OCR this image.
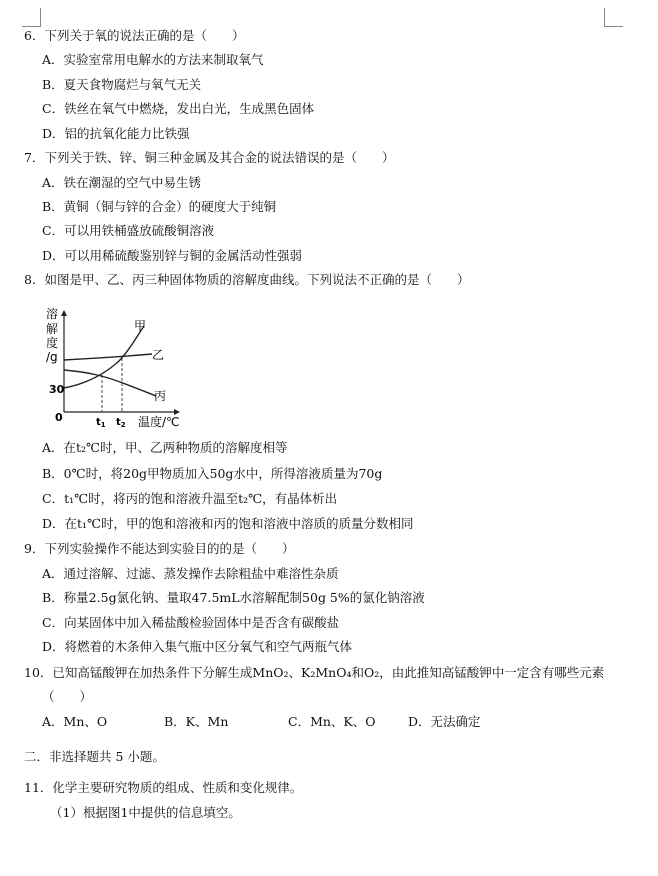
6．下列关于氧的说法正确的是（　　）
A．实验室常用电解水的方法来制取氧气
B．夏天食物腐烂与氧气无关
C．铁丝在氧气中燃烧，发出白光，生成黑色固体
D．铝的抗氧化能力比铁强
7．下列关于铁、锌、铜三种金属及其合金的说法错误的是（　　）
A．铁在潮湿的空气中易生锈
B．黄铜（铜与锌的合金）的硬度大于纯铜
C．可以用铁桶盛放硫酸铜溶液
D．可以用稀硫酸鉴别锌与铜的金属活动性强弱
8．如图是甲、乙、丙三种固体物质的溶解度曲线。下列说法不正确的是（　　）
溶
解
度
/g
甲
乙
丙
30
0	$t_1$ $t_2$ 温度/℃
A．在t₂℃时，甲、乙两种物质的溶解度相等
B．0℃时，将20g甲物质加入50g水中，所得溶液质量为70g
C．t₁℃时，将丙的饱和溶液升温至t₂℃，有晶体析出
D．在t₁℃时，甲的饱和溶液和丙的饱和溶液中溶质的质量分数相同
9．下列实验操作不能达到实验目的的是（　　）
A．通过溶解、过滤、蒸发操作去除粗盐中难溶性杂质
B．称量2.5g氯化钠、量取47.5mL水溶解配制50g 5%的氯化钠溶液
C．向某固体中加入稀盐酸检验固体中是否含有碳酸盐
D．将燃着的木条伸入集气瓶中区分氧气和空气两瓶气体
10．已知高锰酸钾在加热条件下分解生成MnO₂、K₂MnO₄和O₂，由此推知高锰酸钾中一定含有哪些元素
（　　）
A．Mn、O	B．K、Mn	C．Mn、K、O	D．无法确定
二．非选择题共 5 小题。
11．化学主要研究物质的组成、性质和变化规律。
（1）根据图1中提供的信息填空。
